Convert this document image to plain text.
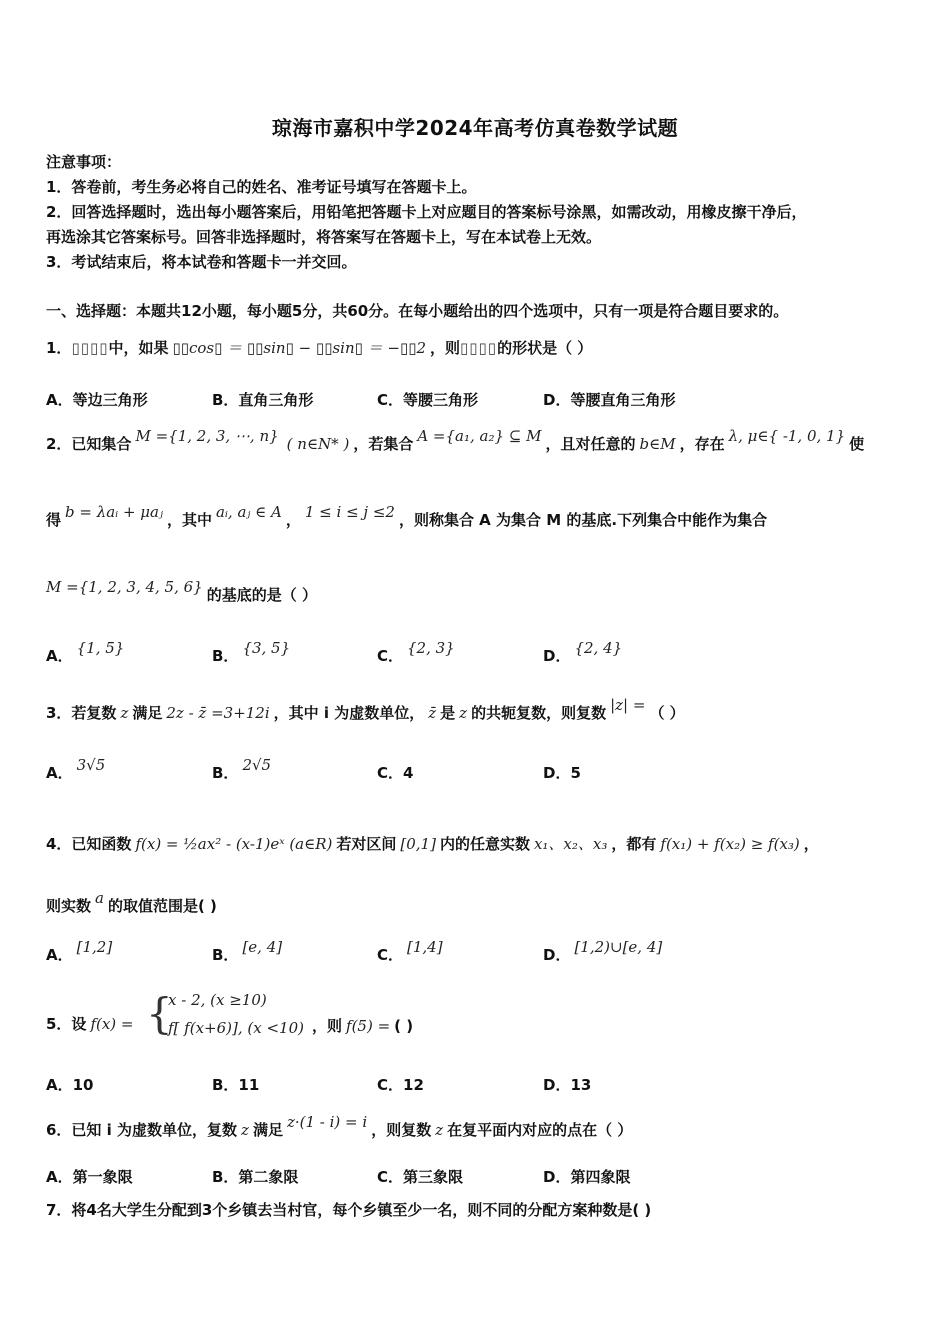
琼海市嘉积中学2024年高考仿真卷数学试题
注意事项：
1．答卷前，考生务必将自己的姓名、准考证号填写在答题卡上。
2．回答选择题时，选出每小题答案后，用铅笔把答题卡上对应题目的答案标号涂黑，如需改动，用橡皮擦干净后，
再选涂其它答案标号。回答非选择题时，将答案写在答题卡上，写在本试卷上无效。
3．考试结束后，将本试卷和答题卡一并交回。
一、选择题：本题共12小题，每小题5分，共60分。在每小题给出的四个选项中，只有一项是符合题目要求的。
1．▯▯▯▯中，如果 ▯▯cos▯ ＝ ▯▯sin▯ − ▯▯sin▯ ＝ −▯▯2 ，则▯▯▯▯的形状是（ ）
A．等边三角形	B．直角三角形	C．等腰三角形	D．等腰直角三角形
2．已知集合 M ={1, 2, 3, ⋯, n} ( n∈N* ) ，若集合 A ={a₁, a₂} ⊆ M ，且对任意的 b∈M ，存在 λ, μ∈{ -1, 0, 1} 使
得 b = λaᵢ + μaⱼ ，其中 aᵢ, aⱼ ∈ A ， 1 ≤ i ≤ j ≤2 ，则称集合 A 为集合 M 的基底.下列集合中能作为集合
M ={1, 2, 3, 4, 5, 6} 的基底的是（ ）
A． {1, 5}	B． {3, 5}	C． {2, 3}	D． {2, 4}
3．若复数 z 满足 2z - z̄ =3+12i ，其中 i 为虚数单位， z̄ 是 z 的共轭复数，则复数 |z| = （ ）
A． 3√5	B． 2√5	C．4	D．5
4．已知函数 f(x) = ½ax² - (x-1)eˣ (a∈R) 若对区间 [0,1] 内的任意实数 x₁、x₂、x₃ ，都有 f(x₁) + f(x₂) ≥ f(x₃) ，
则实数 a 的取值范围是( )
A． [1,2]	B． [e, 4]	C． [1,4]	D． [1,2)∪[e, 4]
5．设 f(x) = {
x - 2, (x ≥10)
f[ f(x+6)], (x <10) ，则 f(5) = ( )
A．10	B．11	C．12	D．13
6．已知 i 为虚数单位，复数 z 满足 z·(1 - i) = i ，则复数 z 在复平面内对应的点在（ ）
A．第一象限	B．第二象限	C．第三象限	D．第四象限
7．将4名大学生分配到3个乡镇去当村官，每个乡镇至少一名，则不同的分配方案种数是( )
